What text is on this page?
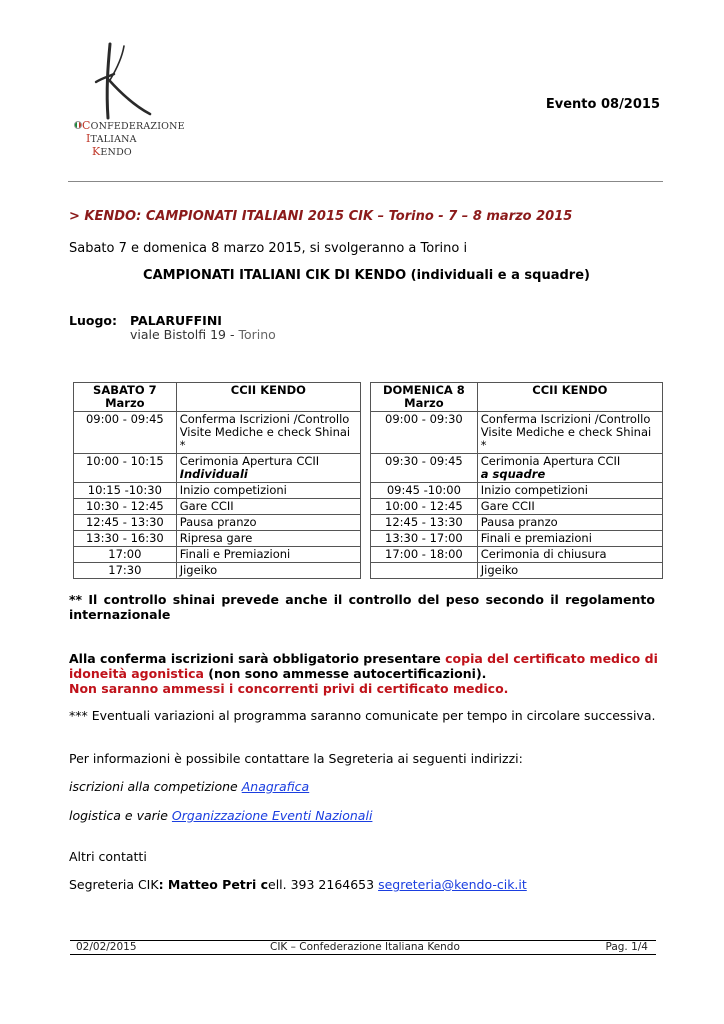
CONFEDERAZIONE
ITALIANA
KENDO
Evento 08/2015
> KENDO: CAMPIONATI ITALIANI 2015 CIK – Torino - 7 – 8 marzo 2015
Sabato 7 e domenica 8 marzo 2015, si svolgeranno a Torino i
CAMPIONATI ITALIANI CIK DI KENDO (individuali e a squadre)
Luogo: PALARUFFINI
viale Bistolfi 19 - Torino
SABATO 7
Marzo	CCII KENDO
09:00 - 09:45	Conferma Iscrizioni /Controllo
Visite Mediche e check Shinai *

10:00 - 10:15	Cerimonia Apertura CCII
Individuali

10:15 -10:30	Inizio competizioni

10:30 - 12:45	Gare CCII

12:45 - 13:30	Pausa pranzo

13:30 - 16:30	Ripresa gare

17:00	Finali e Premiazioni

17:30	Jigeiko
DOMENICA 8
Marzo	CCII KENDO
09:00 - 09:30	Conferma Iscrizioni /Controllo
Visite Mediche e check Shinai *

09:30 - 09:45	Cerimonia Apertura CCII
a squadre

09:45 -10:00	Inizio competizioni

10:00 - 12:45	Gare CCII

12:45 - 13:30	Pausa pranzo

13:30 - 17:00	Finali e premiazioni

17:00 - 18:00	Cerimonia di chiusura

	Jigeiko
** Il controllo shinai prevede anche il controllo del peso secondo il regolamento internazionale
Alla conferma iscrizioni sarà obbligatorio presentare copia del certificato medico di idoneità agonistica (non sono ammesse autocertificazioni).
Non saranno ammessi i concorrenti privi di certificato medico.
*** Eventuali variazioni al programma saranno comunicate per tempo in circolare successiva.
Per informazioni è possibile contattare la Segreteria ai seguenti indirizzi:
iscrizioni alla competizione Anagrafica
logistica e varie Organizzazione Eventi Nazionali
Altri contatti
Segreteria CIK: Matteo Petri cell. 393 2164653 segreteria@kendo-cik.it
02/02/2015	CIK – Confederazione Italiana Kendo	Pag. 1/4
